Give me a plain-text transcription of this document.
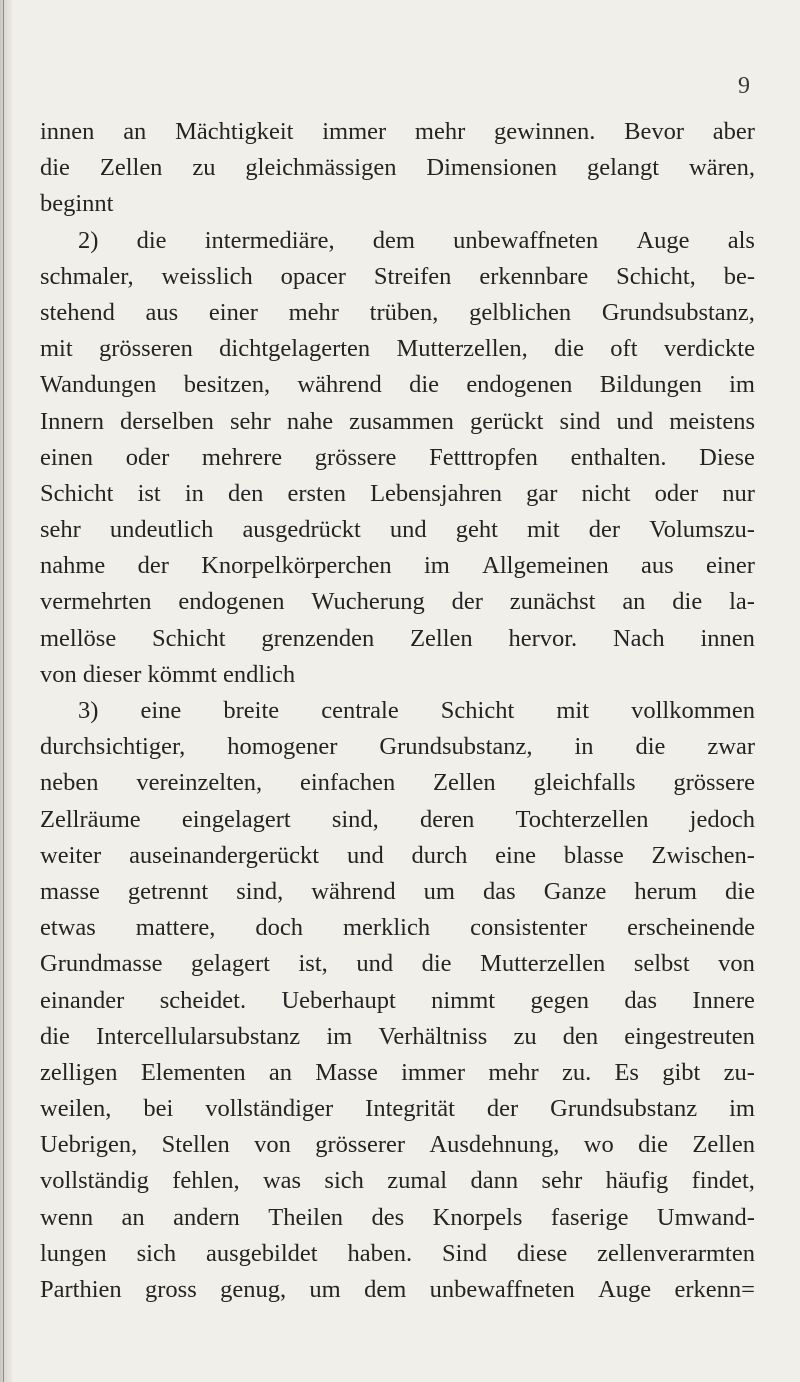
9
innen an Mächtigkeit immer mehr gewinnen. Bevor aber
die Zellen zu gleichmässigen Dimensionen gelangt wären,
beginnt
2) die intermediäre, dem unbewaffneten Auge als
schmaler, weisslich opacer Streifen erkennbare Schicht, be-
stehend aus einer mehr trüben, gelblichen Grundsubstanz,
mit grösseren dichtgelagerten Mutterzellen, die oft verdickte
Wandungen besitzen, während die endogenen Bildungen im
Innern derselben sehr nahe zusammen gerückt sind und meistens
einen oder mehrere grössere Fetttropfen enthalten. Diese
Schicht ist in den ersten Lebensjahren gar nicht oder nur
sehr undeutlich ausgedrückt und geht mit der Volumszu-
nahme der Knorpelkörperchen im Allgemeinen aus einer
vermehrten endogenen Wucherung der zunächst an die la-
mellöse Schicht grenzenden Zellen hervor. Nach innen
von dieser kömmt endlich
3) eine breite centrale Schicht mit vollkommen
durchsichtiger, homogener Grundsubstanz, in die zwar
neben vereinzelten, einfachen Zellen gleichfalls grössere
Zellräume eingelagert sind, deren Tochterzellen jedoch
weiter auseinandergerückt und durch eine blasse Zwischen-
masse getrennt sind, während um das Ganze herum die
etwas mattere, doch merklich consistenter erscheinende
Grundmasse gelagert ist, und die Mutterzellen selbst von
einander scheidet. Ueberhaupt nimmt gegen das Innere
die Intercellularsubstanz im Verhältniss zu den eingestreuten
zelligen Elementen an Masse immer mehr zu. Es gibt zu-
weilen, bei vollständiger Integrität der Grundsubstanz im
Uebrigen, Stellen von grösserer Ausdehnung, wo die Zellen
vollständig fehlen, was sich zumal dann sehr häufig findet,
wenn an andern Theilen des Knorpels faserige Umwand-
lungen sich ausgebildet haben. Sind diese zellenverarmten
Parthien gross genug, um dem unbewaffneten Auge erkenn=
